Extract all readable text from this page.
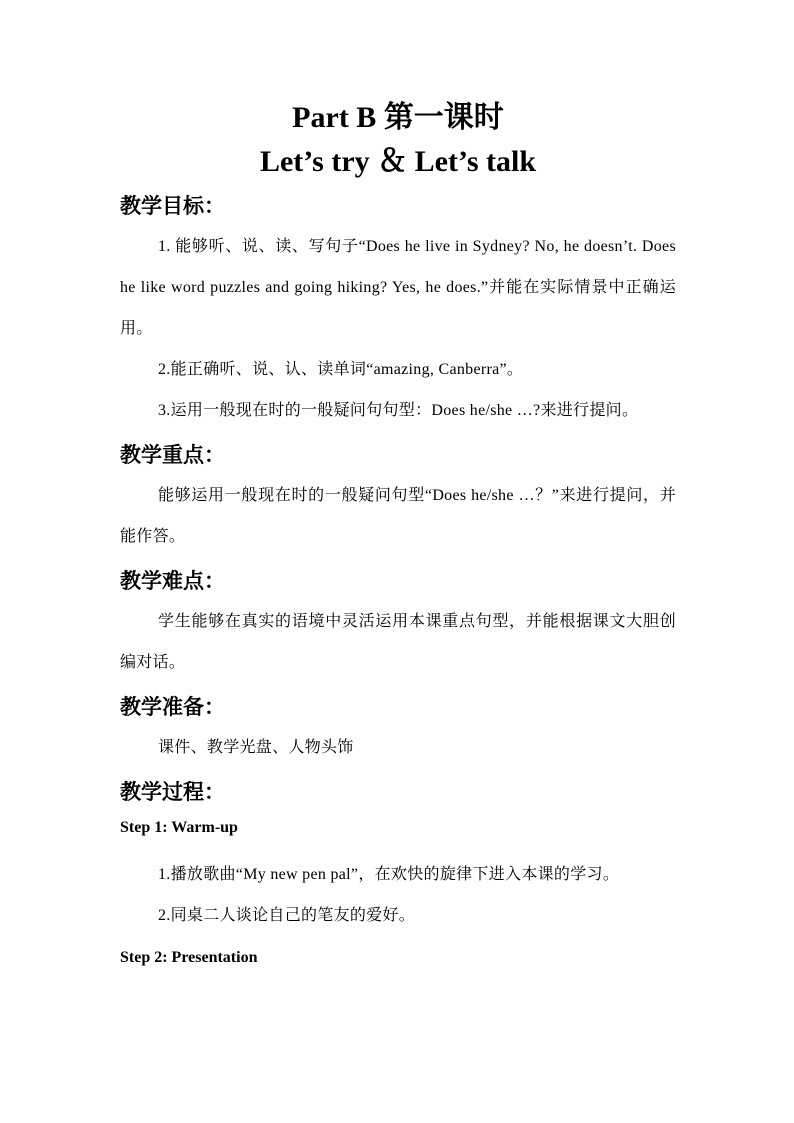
Part B 第一课时
Let’s try ＆ Let’s talk
教学目标：

1. 能够听、说、读、写句子“Does he live in Sydney? No, he doesn’t. Does he like word puzzles and going hiking? Yes, he does.”并能在实际情景中正确运用。

2.能正确听、说、认、读单词“amazing, Canberra”。

3.运用一般现在时的一般疑问句句型：Does he/she …?来进行提问。

教学重点：

能够运用一般现在时的一般疑问句型“Does he/she …？”来进行提问，并能作答。

教学难点：

学生能够在真实的语境中灵活运用本课重点句型，并能根据课文大胆创编对话。

教学准备：

课件、教学光盘、人物头饰

教学过程：
Step 1: Warm-up

1.播放歌曲“My new pen pal”，在欢快的旋律下进入本课的学习。

2.同桌二人谈论自己的笔友的爱好。

Step 2: Presentation
